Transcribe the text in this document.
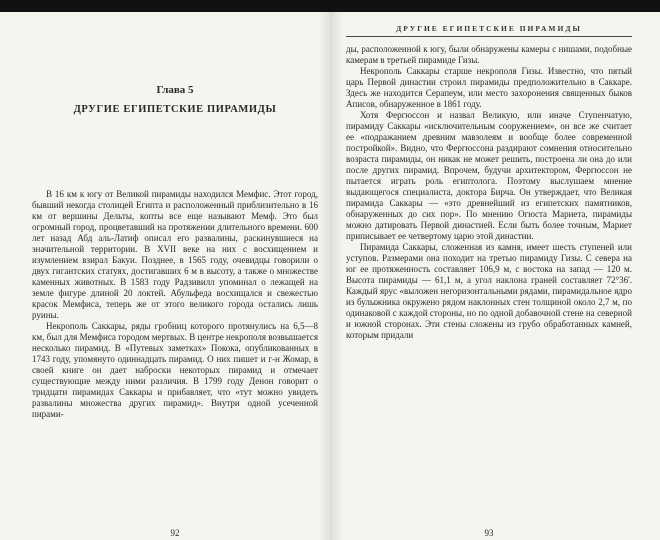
Глава 5
ДРУГИЕ ЕГИПЕТСКИЕ ПИРАМИДЫ

В 16 км к югу от Великой пирамиды находился Мемфис. Этот город, бывший некогда столицей Египта и расположенный приблизительно в 16 км от вершины Дельты, копты все еще называют Мемф. Это был огромный город, процветавший на протяжении длительного времени. 600 лет назад Абд аль-Латиф описал его развалины, раскинувшиеся на значительной территории. В XVII веке на них с восхищением и изумлением взирал Бакуи. Позднее, в 1565 году, очевидцы говорили о двух гигантских статуях, достигавших 6 м в высоту, а также о множестве каменных животных. В 1583 году Радзивилл упоминал о лежащей на земле фигуре длиной 20 локтей. Абульфеда восхищался и свежестью красок Мемфиса, теперь же от этого великого города остались лишь руины.

Некрополь Саккары, ряды гробниц которого протянулись на 6,5—8 км, был для Мемфиса городом мертвых. В центре некрополя возвышается несколько пирамид. В «Путевых заметках» Покока, опубликованных в 1743 году, упомянуто одиннадцать пирамид. О них пишет и г-н Жомар, в своей книге он дает наброски некоторых пирамид и отмечает существующие между ними различия. В 1799 году Денон говорит о тридцати пирамидах Саккары и прибавляет, что «тут можно увидеть развалины множества других пирамид». Внутри одной усеченной пирами-

92
ДРУГИЕ ЕГИПЕТСКИЕ ПИРАМИДЫ

ды, расположенной к югу, были обнаружены камеры с нишами, подобные камерам в третьей пирамиде Гизы.

Некрополь Саккары старше некрополя Гизы. Известно, что пятый царь Первой династии строил пирамиды предположительно в Саккаре. Здесь же находится Серапеум, или место захоронения священных быков Аписов, обнаруженное в 1861 году.

Хотя Фергюссон и назвал Великую, или иначе Ступенчатую, пирамиду Саккары «исключительным сооружением», он все же считает ее «подражанием древним мавзолеям и вообще более современной постройкой». Видно, что Фергюссона раздирают сомнения относительно возраста пирамиды, он никак не может решить, построена ли она до или после других пирамид. Впрочем, будучи архитектором, Фергюссон не пытается играть роль египтолога. Поэтому выслушаем мнение выдающегося специалиста, доктора Бирча. Он утверждает, что Великая пирамида Саккары — «это древнейший из египетских памятников, обнаруженных до сих пор». По мнению Огюста Мариета, пирамиды можно датировать Первой династией. Если быть более точным, Мариет приписывает ее четвертому царю этой династии.

Пирамида Саккары, сложенная из камня, имеет шесть ступеней или уступов. Размерами она походит на третью пирамиду Гизы. С севера на юг ее протяженность составляет 106,9 м, с востока на запад — 120 м. Высота пирамиды — 61,1 м, а угол наклона граней составляет 72°36'. Каждый ярус «выложен негоризонтальными рядами, пирамидальное ядро из булыжника окружено рядом наклонных стен толщиной около 2,7 м, по одинаковой с каждой стороны, но по одной добавочной стене на северной и южной сторонах. Эти стены сложены из грубо обработанных камней, которым придали

93
